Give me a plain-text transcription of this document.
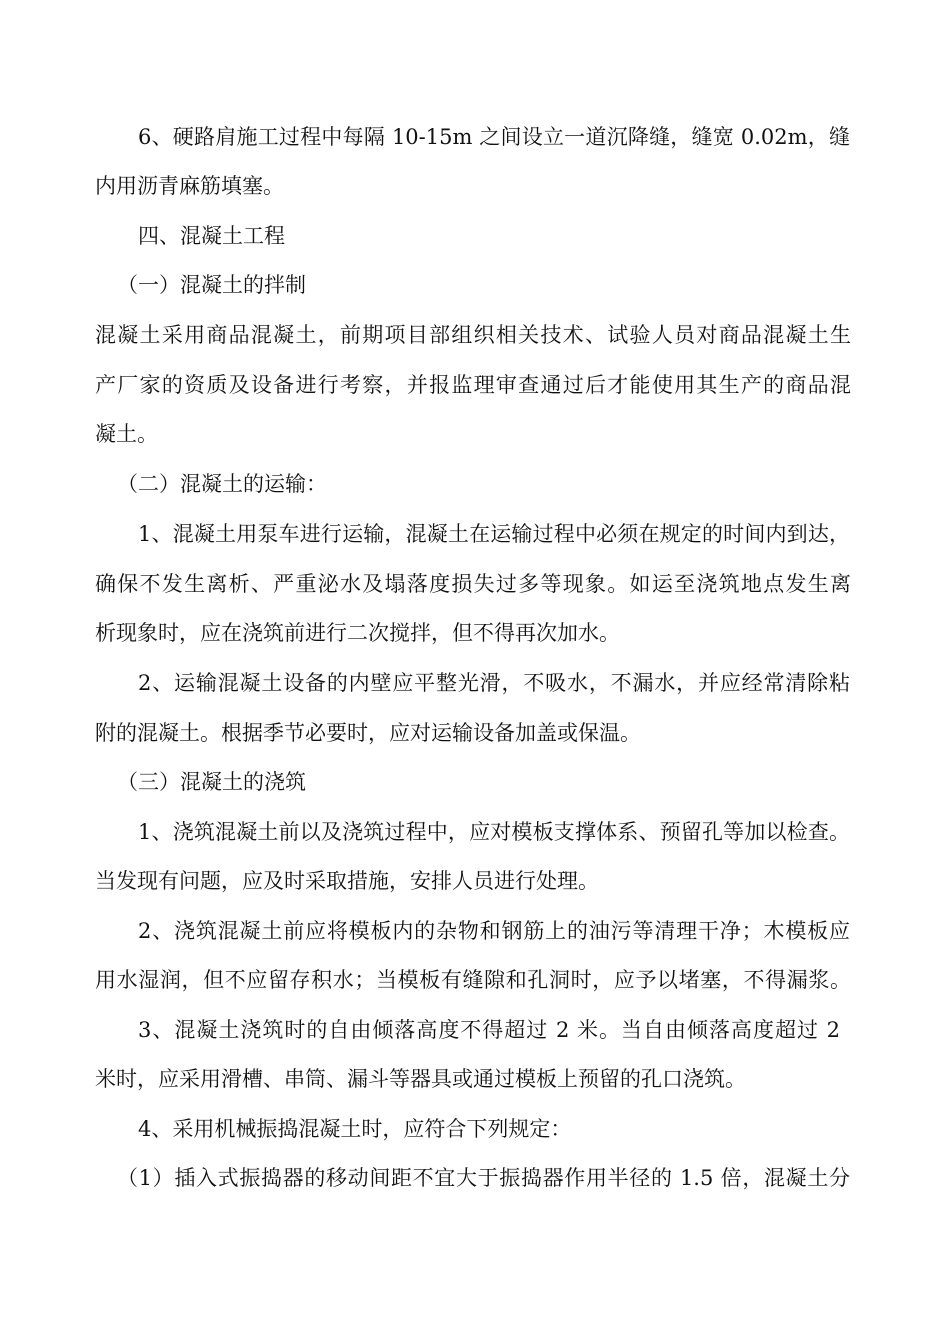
6、硬路肩施工过程中每隔 10-15m 之间设立一道沉降缝，缝宽 0.02m，缝
内用沥青麻筋填塞。
四、混凝土工程
（一）混凝土的拌制
混凝土采用商品混凝土，前期项目部组织相关技术、试验人员对商品混凝土生
产厂家的资质及设备进行考察，并报监理审查通过后才能使用其生产的商品混
凝土。
（二）混凝土的运输：
1、混凝土用泵车进行运输，混凝土在运输过程中必须在规定的时间内到达，
确保不发生离析、严重泌水及塌落度损失过多等现象。如运至浇筑地点发生离
析现象时，应在浇筑前进行二次搅拌，但不得再次加水。
2、运输混凝土设备的内壁应平整光滑，不吸水，不漏水，并应经常清除粘
附的混凝土。根据季节必要时，应对运输设备加盖或保温。
（三）混凝土的浇筑
1、浇筑混凝土前以及浇筑过程中，应对模板支撑体系、预留孔等加以检查。
当发现有问题，应及时采取措施，安排人员进行处理。
2、浇筑混凝土前应将模板内的杂物和钢筋上的油污等清理干净；木模板应
用水湿润，但不应留存积水；当模板有缝隙和孔洞时，应予以堵塞，不得漏浆。
3、混凝土浇筑时的自由倾落高度不得超过 2 米。当自由倾落高度超过 2
米时，应采用滑槽、串筒、漏斗等器具或通过模板上预留的孔口浇筑。
4、采用机械振捣混凝土时，应符合下列规定：
（1）插入式振捣器的移动间距不宜大于振捣器作用半径的 1.5 倍，混凝土分
